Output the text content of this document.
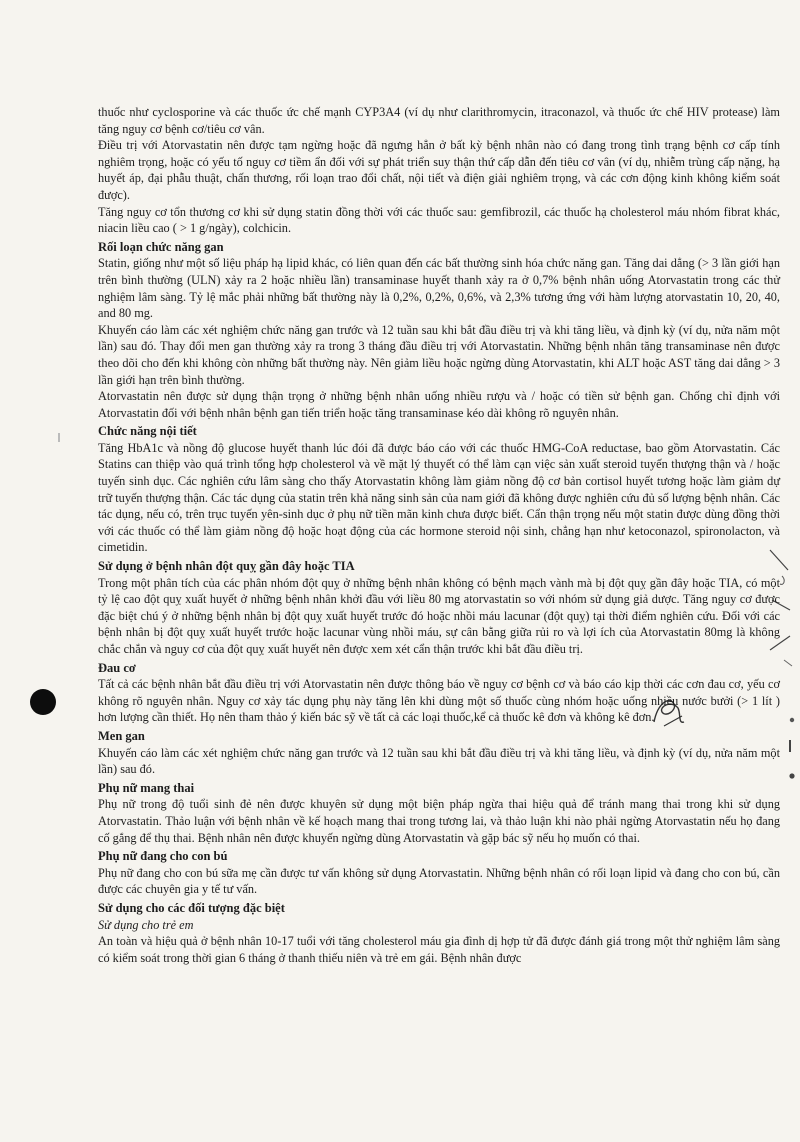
thuốc như cyclosporine và các thuốc ức chế mạnh CYP3A4 (ví dụ như clarithromycin, itraconazol, và thuốc ức chế HIV protease) làm tăng nguy cơ bệnh cơ/tiêu cơ vân.

Điều trị với Atorvastatin nên được tạm ngừng hoặc đã ngưng hẳn ở bất kỳ bệnh nhân nào có đang trong tình trạng bệnh cơ cấp tính nghiêm trọng, hoặc có yếu tố nguy cơ tiềm ẩn đối với sự phát triển suy thận thứ cấp dẫn đến tiêu cơ vân (ví dụ, nhiễm trùng cấp nặng, hạ huyết áp, đại phẫu thuật, chấn thương, rối loạn trao đổi chất, nội tiết và điện giải nghiêm trọng, và các cơn động kinh không kiểm soát được).

Tăng nguy cơ tổn thương cơ khi sử dụng statin đồng thời với các thuốc sau: gemfibrozil, các thuốc hạ cholesterol máu nhóm fibrat khác, niacin liều cao ( > 1 g/ngày), colchicin.

Rối loạn chức năng gan

Statin, giống như một số liệu pháp hạ lipid khác, có liên quan đến các bất thường sinh hóa chức năng gan. Tăng dai dẳng (> 3 lần giới hạn trên bình thường (ULN) xảy ra 2 hoặc nhiều lần) transaminase huyết thanh xảy ra ở 0,7% bệnh nhân uống Atorvastatin trong các thử nghiệm lâm sàng. Tỷ lệ mắc phải những bất thường này là 0,2%, 0,2%, 0,6%, và 2,3% tương ứng với hàm lượng atorvastatin 10, 20, 40, and 80 mg.

Khuyến cáo làm các xét nghiệm chức năng gan trước và 12 tuần sau khi bắt đầu điều trị và khi tăng liều, và định kỳ (ví dụ, nửa năm một lần) sau đó. Thay đổi men gan thường xảy ra trong 3 tháng đầu điều trị với Atorvastatin. Những bệnh nhân tăng transaminase nên được theo dõi cho đến khi không còn những bất thường này. Nên giảm liều hoặc ngừng dùng Atorvastatin, khi ALT hoặc AST tăng dai dẳng > 3 lần giới hạn trên bình thường.

Atorvastatin nên được sử dụng thận trọng ở những bệnh nhân uống nhiều rượu và / hoặc có tiền sử bệnh gan. Chống chỉ định với Atorvastatin đối với bệnh nhân bệnh gan tiến triển hoặc tăng transaminase kéo dài không rõ nguyên nhân.

Chức năng nội tiết

Tăng HbA1c và nồng độ glucose huyết thanh lúc đói đã được báo cáo với các thuốc HMG-CoA reductase, bao gồm Atorvastatin. Các Statins can thiệp vào quá trình tổng hợp cholesterol và về mặt lý thuyết có thể làm cạn việc sản xuất steroid tuyến thượng thận và / hoặc tuyến sinh dục. Các nghiên cứu lâm sàng cho thấy Atorvastatin không làm giảm nồng độ cơ bản cortisol huyết tương hoặc làm giảm dự trữ tuyến thượng thận. Các tác dụng của statin trên khả năng sinh sản của nam giới đã không được nghiên cứu đủ số lượng bệnh nhân. Các tác dụng, nếu có, trên trục tuyến yên-sinh dục ở phụ nữ tiền mãn kinh chưa được biết. Cẩn thận trọng nếu một statin được dùng đồng thời với các thuốc có thể làm giảm nồng độ hoặc hoạt động của các hormone steroid nội sinh, chẳng hạn như ketoconazol, spironolacton, và cimetidin.

Sử dụng ở bệnh nhân đột quỵ gần đây hoặc TIA

Trong một phân tích của các phân nhóm đột quỵ ở những bệnh nhân không có bệnh mạch vành mà bị đột quỵ gần đây hoặc TIA, có một tỷ lệ cao đột quỵ xuất huyết ở những bệnh nhân khởi đầu với liều 80 mg atorvastatin so với nhóm sử dụng giả dược. Tăng nguy cơ được đặc biệt chú ý ở những bệnh nhân bị đột quỵ xuất huyết trước đó hoặc nhồi máu lacunar (đột quỵ) tại thời điểm nghiên cứu. Đối với các bệnh nhân bị đột quỵ xuất huyết trước hoặc lacunar vùng nhồi máu, sự cân bằng giữa rủi ro và lợi ích của Atorvastatin 80mg là không chắc chắn và nguy cơ của đột quỵ xuất huyết nên được xem xét cẩn thận trước khi bắt đầu điều trị.

Đau cơ

Tất cả các bệnh nhân bắt đầu điều trị với Atorvastatin nên được thông báo về nguy cơ bệnh cơ và báo cáo kịp thời các cơn đau cơ, yếu cơ không rõ nguyên nhân. Nguy cơ xảy tác dụng phụ này tăng lên khi dùng một số thuốc cùng nhóm hoặc uống nhiều nước bưởi (> 1 lít ) hơn lượng cần thiết. Họ nên tham thảo ý kiến bác sỹ về tất cả các loại thuốc,kể cả thuốc kê đơn và không kê đơn.

Men gan

Khuyến cáo làm các xét nghiệm chức năng gan trước và 12 tuần sau khi bắt đầu điều trị và khi tăng liều, và định kỳ (ví dụ, nửa năm một lần) sau đó.

Phụ nữ mang thai

Phụ nữ trong độ tuổi sinh đẻ nên được khuyên sử dụng một biện pháp ngừa thai hiệu quả để tránh mang thai trong khi sử dụng Atorvastatin. Thảo luận với bệnh nhân về kế hoạch mang thai trong tương lai, và thảo luận khi nào phải ngừng Atorvastatin nếu họ đang cố gắng để thụ thai. Bệnh nhân nên được khuyến ngừng dùng Atorvastatin và gặp bác sỹ nếu họ muốn có thai.

Phụ nữ đang cho con bú

Phụ nữ đang cho con bú sữa mẹ cần được tư vấn không sử dụng Atorvastatin. Những bệnh nhân có rối loạn lipid và đang cho con bú, cần được các chuyên gia y tế tư vấn.

Sử dụng cho các đối tượng đặc biệt
Sử dụng cho trẻ em

An toàn và hiệu quả ở bệnh nhân 10-17 tuổi với tăng cholesterol máu gia đình dị hợp tử đã được đánh giá trong một thử nghiệm lâm sàng có kiểm soát trong thời gian 6 tháng ở thanh thiếu niên và trẻ em gái. Bệnh nhân được
